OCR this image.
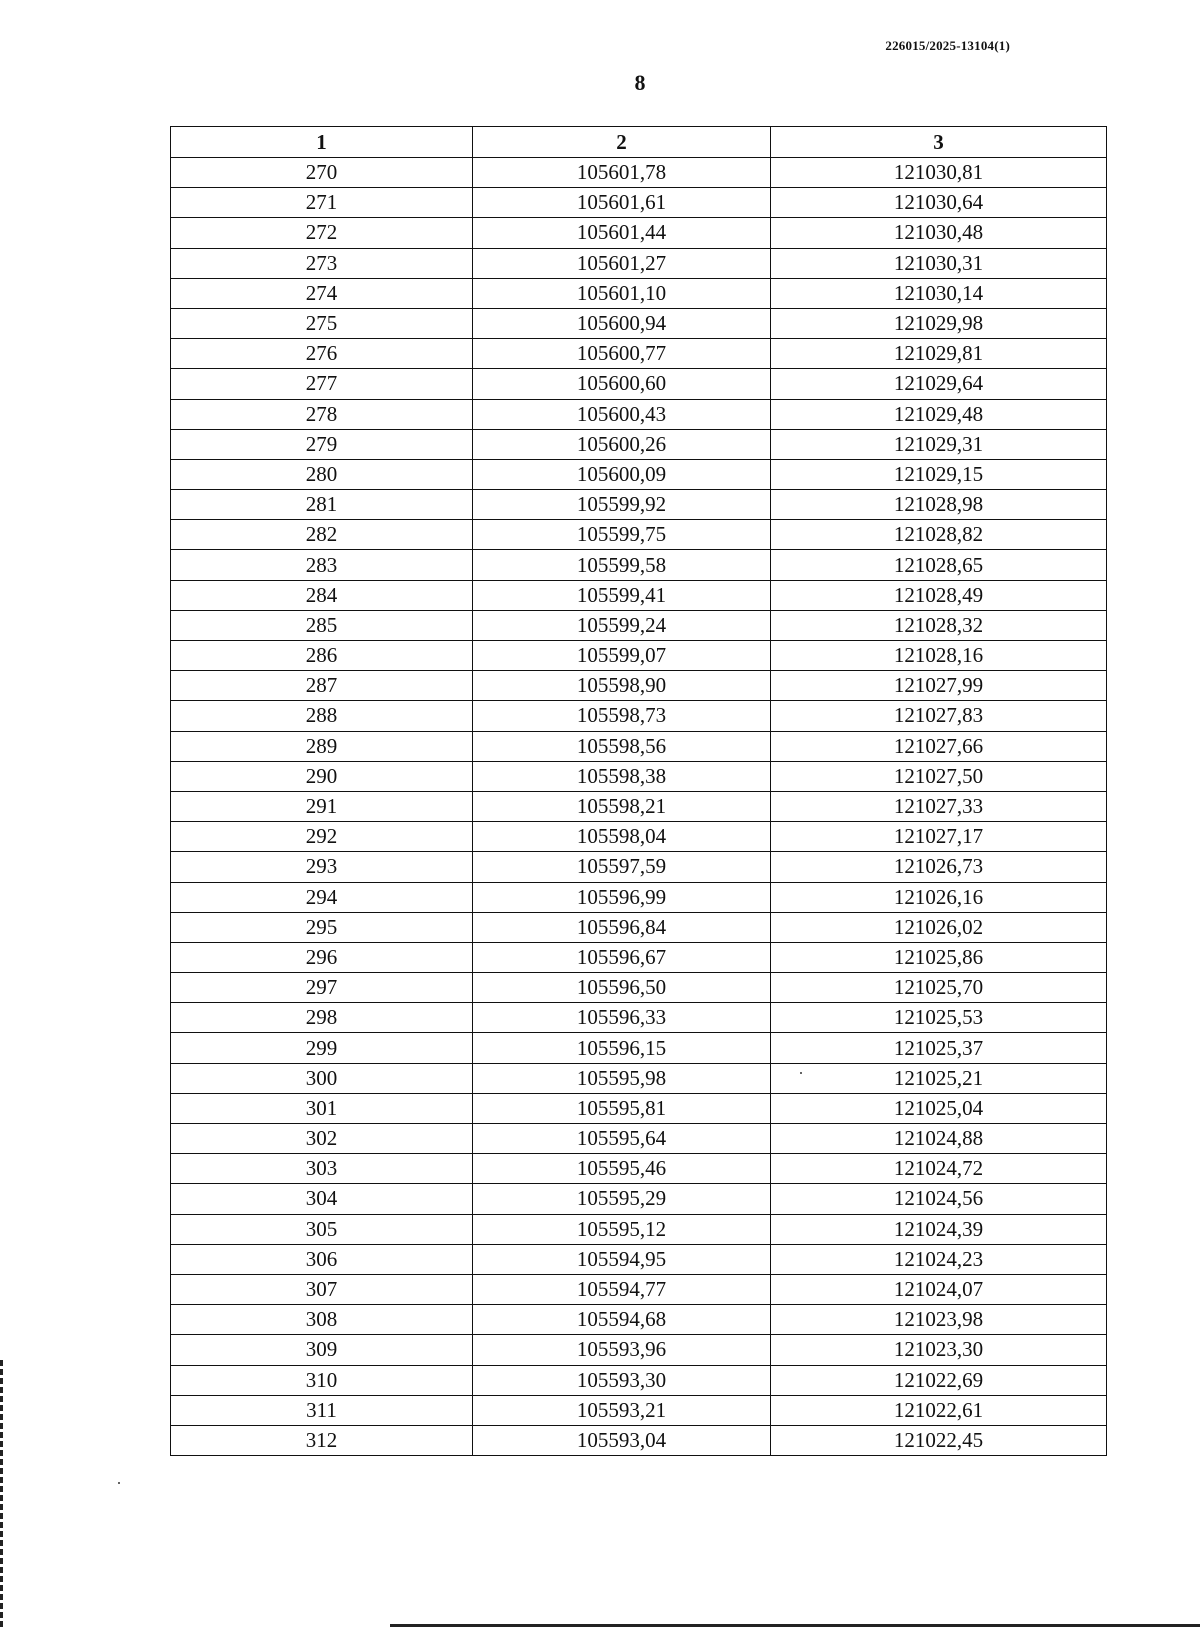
226015/2025-13104(1)
8
1	2	3
270	105601,78	121030,81
271	105601,61	121030,64
272	105601,44	121030,48
273	105601,27	121030,31
274	105601,10	121030,14
275	105600,94	121029,98
276	105600,77	121029,81
277	105600,60	121029,64
278	105600,43	121029,48
279	105600,26	121029,31
280	105600,09	121029,15
281	105599,92	121028,98
282	105599,75	121028,82
283	105599,58	121028,65
284	105599,41	121028,49
285	105599,24	121028,32
286	105599,07	121028,16
287	105598,90	121027,99
288	105598,73	121027,83
289	105598,56	121027,66
290	105598,38	121027,50
291	105598,21	121027,33
292	105598,04	121027,17
293	105597,59	121026,73
294	105596,99	121026,16
295	105596,84	121026,02
296	105596,67	121025,86
297	105596,50	121025,70
298	105596,33	121025,53
299	105596,15	121025,37
300	105595,98	121025,21
301	105595,81	121025,04
302	105595,64	121024,88
303	105595,46	121024,72
304	105595,29	121024,56
305	105595,12	121024,39
306	105594,95	121024,23
307	105594,77	121024,07
308	105594,68	121023,98
309	105593,96	121023,30
310	105593,30	121022,69
311	105593,21	121022,61
312	105593,04	121022,45
